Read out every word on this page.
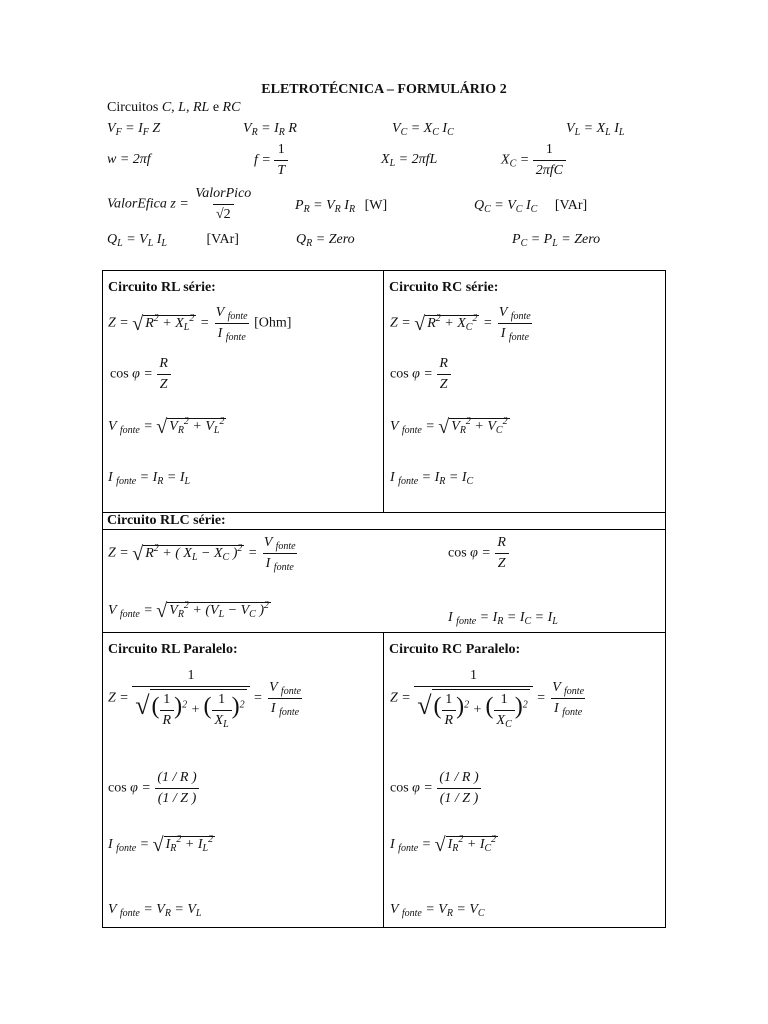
ELETROTÉCNICA – FORMULÁRIO 2
Circuitos C, L, RL e RC
$V_F = I_F$ Z	$V_R = I_R$ R	$V_C = X_C$ $I_C$	$V_L = X_L$ $I_L$
w = 2πf	$f = \frac{1}{T}$	$X_L = 2\pi fL$	$X_C$ =
1
2πfC
ValorEfica z =
ValorPico
√2
$P_R = V_R$ $I_R$ [W]	$Q_C = V_C$ $I_C$ [VAr]
$Q_L = V_L$ $I_L$	[VAr]	$Q_R$ = Zero	$P_C = P_L$ = Zero
Circuito RL série:
Z = √ $R^2 + X_L^2$ =
V $_{fonte}$
I $_{fonte}$
[Ohm]
$\cos \varphi = \frac{R}{Z}$
V $_{fonte}$ = √ $V_R^2 + V_L^2$
I $_{fonte} = I_R = I_L$
Circuito RC série:
Z = √ $R^2 + X_C^2$ =
V $_{fonte}$
I $_{fonte}$
$\cos \varphi = \frac{R}{Z}$
V $_{fonte}$ = √ $V_R^2 + V_C^2$
I $_{fonte} = I_R = I_C$
Circuito RLC série:
Z = √ $R^2$ + ( $X_L - X_C$ )$^2$ =
V $_{fonte}$
I $_{fonte}$
$\cos \varphi = \frac{R}{Z}$
V $_{fonte}$ = √ $V_R^2 + (V_L - V_C$ )$^2$
I $_{fonte} = I_R = I_C = I_L$
Circuito RL Paralelo:
$Z = \frac{1}{√ ( \frac{1}{R} )^2 + ( \frac{1}{X_L} )^2}$ =
V $_{fonte}$
I $_{fonte}$
$\cos \varphi = \frac{(1 / R )}{(1 / Z )}$
I $_{fonte}$ = √ $I_R^2 + I_L^2$
V $_{fonte} = V_R = V_L$
Circuito RC Paralelo:
$Z = \frac{1}{√ ( \frac{1}{R} )^2 + ( \frac{1}{X_C} )^2}$ =
V $_{fonte}$
I $_{fonte}$
$\cos \varphi = \frac{(1 / R )}{(1 / Z )}$
I $_{fonte}$ = √ $I_R^2 + I_C^2$
V $_{fonte} = V_R = V_C$
